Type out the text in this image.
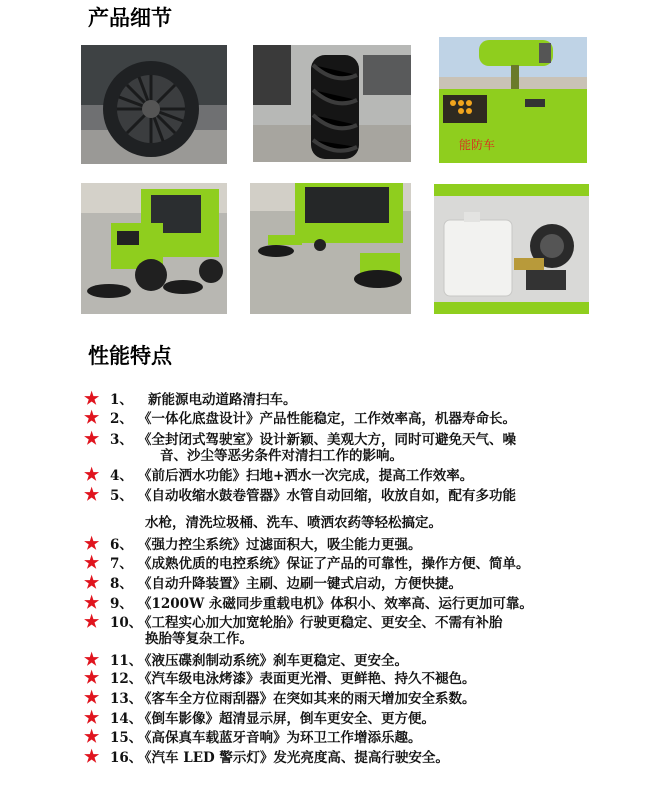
产品细节
能防车
性能特点
★ 1、 新能源电动道路清扫车。
★ 2、 《一体化底盘设计》产品性能稳定，工作效率高，机器寿命长。
★ 3、 《全封闭式驾驶室》设计新颖、美观大方，同时可避免天气、噪
音、沙尘等恶劣条件对清扫工作的影响。
★ 4、 《前后洒水功能》扫地+洒水一次完成，提高工作效率。
★ 5、 《自动收缩水鼓卷管器》水管自动回缩，收放自如，配有多功能
水枪，清洗垃圾桶、洗车、喷洒农药等轻松搞定。
★ 6、 《强力控尘系统》过滤面积大，吸尘能力更强。
★ 7、 《成熟优质的电控系统》保证了产品的可靠性，操作方便、简单。
★ 8、 《自动升降装置》主刷、边刷一键式启动，方便快捷。
★ 9、 《1200W 永磁同步重载电机》体积小、效率高、运行更加可靠。
★ 10、《工程实心加大加宽轮胎》行驶更稳定、更安全、不需有补胎
换胎等复杂工作。
★ 11、《液压碟刹制动系统》刹车更稳定、更安全。
★ 12、《汽车级电泳烤漆》表面更光滑、更鲜艳、持久不褪色。
★ 13、《客车全方位雨刮器》在突如其来的雨天增加安全系数。
★ 14、《倒车影像》超清显示屏，倒车更安全、更方便。
★ 15、《高保真车载蓝牙音响》为环卫工作增添乐趣。
★ 16、《汽车 LED 警示灯》发光亮度高、提高行驶安全。
